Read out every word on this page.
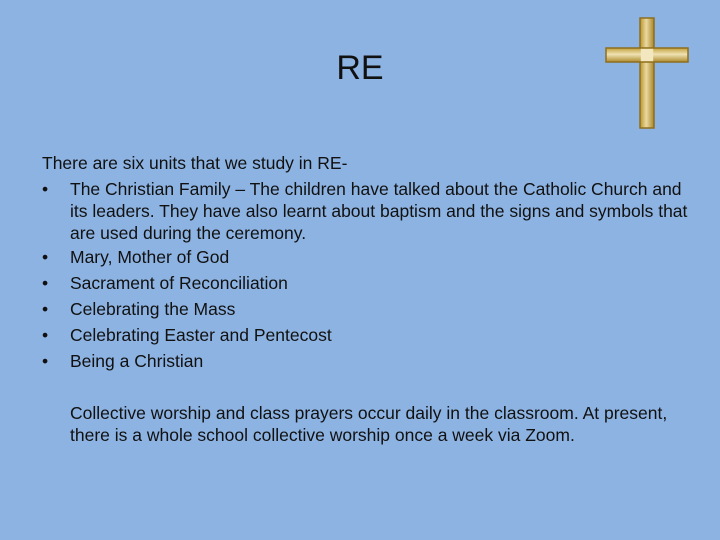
RE

There are six units that we study in RE-

•	The Christian Family – The children have talked about the Catholic Church and its leaders. They have also learnt about baptism and the signs and symbols that are used during the ceremony.
•	Mary, Mother of God
•	Sacrament of Reconciliation
•	Celebrating the Mass
•	Celebrating Easter and Pentecost
•	Being a Christian

Collective worship and class prayers occur daily in the classroom. At present, there is a whole school collective worship once a week via Zoom.
